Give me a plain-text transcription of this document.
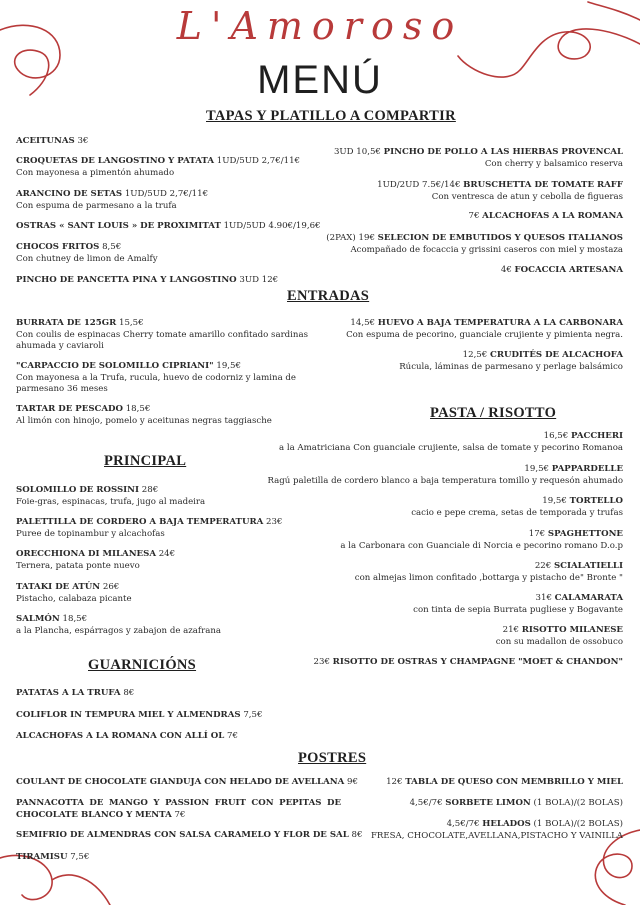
L'Amoroso
MENÚ
TAPAS Y PLATILLO A COMPARTIR
ENTRADAS
PASTA / RISOTTO
PRINCIPAL
GUARNICIÓNS
POSTRES
ACEITUNAS 3€
CROQUETAS DE LANGOSTINO Y PATATA 1UD/5UD 2,7€/11€
Con mayonesa a pimentón ahumado
ARANCINO DE SETAS 1UD/5UD 2,7€/11€
Con espuma de parmesano a la trufa
OSTRAS « SANT LOUIS » DE PROXIMITAT 1UD/5UD 4.90€/19,6€
CHOCOS FRITOS 8,5€
Con chutney de limon de Amalfy
PINCHO DE PANCETTA PINA Y LANGOSTINO 3UD 12€
3UD 10,5€ PINCHO DE POLLO A LAS HIERBAS PROVENCAL
Con cherry y balsamico reserva
1UD/2UD 7.5€/14€ BRUSCHETTA DE TOMATE RAFF
Con ventresca de atun y cebolla de figueras
7€ ALCACHOFAS A LA ROMANA
(2PAX) 19€ SELECION DE EMBUTIDOS Y QUESOS ITALIANOS
Acompañado de focaccia y grissini caseros con miel y mostaza
4€ FOCACCIA ARTESANA
BURRATA DE 125GR 15,5€
Con coulis de espinacas Cherry tomate amarillo confitado sardinas ahumada y caviaroli
"CARPACCIO DE SOLOMILLO CIPRIANI" 19,5€
Con mayonesa a la Trufa, rucula, huevo de codorniz y lamina de parmesano 36 meses
TARTAR DE PESCADO 18,5€
Al limón con hinojo, pomelo y aceitunas negras taggiasche
14,5€ HUEVO A BAJA TEMPERATURA A LA CARBONARA
Con espuma de pecorino, guanciale crujiente y pimienta negra.
12,5€ CRUDITÉS DE ALCACHOFA
Rúcula, láminas de parmesano y perlage balsámico
16,5€ PACCHERI
a la Amatriciana Con guanciale crujiente, salsa de tomate y pecorino Romanoa
19,5€ PAPPARDELLE
Ragú paletilla de cordero blanco a baja temperatura tomillo y requesón ahumado
19,5€ TORTELLO
cacio e pepe crema, setas de temporada y trufas
17€ SPAGHETTONE
a la Carbonara con Guanciale di Norcia e pecorino romano D.o.p
22€ SCIALATIELLI
con almejas limon confitado ,bottarga y pistacho de" Bronte "
31€ CALAMARATA
con tinta de sepia Burrata pugliese y Bogavante
21€ RISOTTO MILANESE
con su madallon de ossobuco
23€ RISOTTO DE OSTRAS Y CHAMPAGNE "MOET & CHANDON"
SOLOMILLO DE ROSSINI 28€
Foie-gras, espinacas, trufa, jugo al madeira
PALETTILLA DE CORDERO A BAJA TEMPERATURA 23€
Puree de topinambur y alcachofas
ORECCHIONA DI MILANESA 24€
Ternera, patata ponte nuevo
TATAKI DE ATÚN 26€
Pistacho, calabaza picante
SALMÓN 18,5€
a la Plancha, espárragos y zabajon de azafrana
PATATAS A LA TRUFA 8€
COLIFLOR IN TEMPURA MIEL Y ALMENDRAS 7,5€
ALCACHOFAS A LA ROMANA CON ALLÍ OL 7€
COULANT DE CHOCOLATE GIANDUJA CON HELADO DE AVELLANA 9€
PANNACOTTA DE MANGO Y PASSION FRUIT CON PEPITAS DE CHOCOLATE BLANCO Y MENTA 7€
SEMIFRIO DE ALMENDRAS CON SALSA CARAMELO Y FLOR DE SAL 8€
TIRAMISU 7,5€
12€ TABLA DE QUESO CON MEMBRILLO Y MIEL
4,5€/7€ SORBETE LIMON (1 BOLA)/(2 BOLAS)
4,5€/7€ HELADOS (1 BOLA)/(2 BOLAS)
FRESA, CHOCOLATE,AVELLANA,PISTACHO Y VAINILLA
